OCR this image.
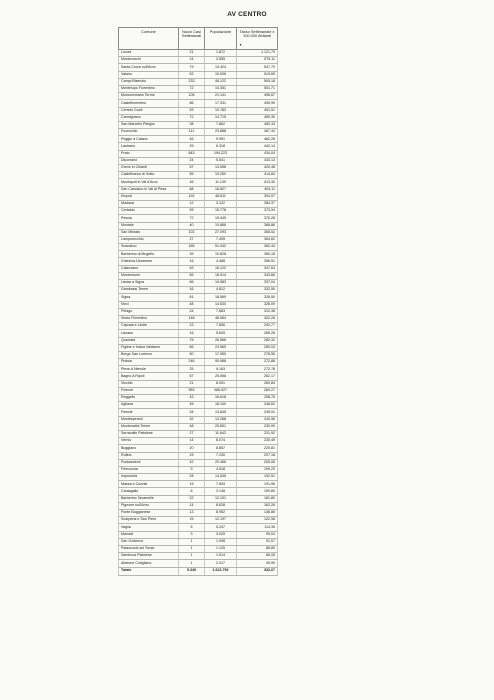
AV CENTRO
Comune	Nuovi Casi Settimanali	Popolazione	Tasso Settimanale x 100.000 Abitanti
▼

Londa	21	1.872	1.121,79
Montevarchi	24	3.555	675,11
Santa Croce sull'Arno	79	14.424	547,70
Vaiano	52	10.006	519,69
Campi Bisenzio	233	46.122	505,18
Montelupo Fiorentino	72	14.351	501,71
Monsummano Terme	105	21.141	496,67
Castelfiorentino	86	17.331	495,99
Cerreto Guidi	53	10.783	491,51
Carmignano	72	14.715	489,30
San Marcello Piteglio	38	7.862	483,33
Fucecchio	111	23.888	467,44
Poggio a Caiano	46	9.951	462,26
Lastrano	29	6.318	442,14
Prato	843	194.223	434,04
Dicomano	24	5.541	433,13
Greve in Chianti	57	13.556	420,48
Castelfranco di Sotto	55	13.250	414,84
Montopoli in Val d'Arno	46	11.130	413,30
San Casciano in Val di Pesa	68	16.827	404,11
Empoli	192	48.611	394,97
Madana	12	3.122	384,37
Certaldo	59	15.778	373,94
Pescia	72	19.445	370,28
Montale	40	10.866	368,86
San Miniato	102	27.093	368,52
Lamporecchio	27	7.405	364,62
Scandicci	185	51.042	362,44
Barberino di Mugello	39	10.828	360,18
Chiesina Uzzanese	16	4.488	356,51
Calenzano	63	18.122	347,64
Montemurlo	65	18.914	343,66
Lastra a Signa	66	19.583	337,04
Gambassi Terme	16	4.812	332,50
Signa	61	18.569	328,50
Vinci	48	14.630	328,09
Pelago	24	7.683	312,38
Sesto Fiorentino	148	48.964	302,26
Capraia e Limite	23	7.856	292,77
Uzzano	16	5.609	285,26
Quarrata	75	26.566	282,32
Figline e Incisa Valdarno	66	23.569	280,03
Borgo San Lorenzo	50	17.950	278,55
Pistoia	246	90.988	272,88
Pieve A Nievole	25	9.163	272,78
Bagno A Ripoli	67	25.556	262,17
Vicchio	21	8.051	260,84
Firenze	953	366.927	260,27
Reggello	43	16.618	258,76
Agliana	45	18.100	248,62
Fiesole	34	13.845	245,01
Montespertoli	32	13.268	240,96
Montecatini Terme	48	20.801	230,99
Serravalle Pistoiese	27	11.642	231,92
Vernio	14	6.074	230,49
Buggiano	20	8.857	225,81
Rufina	15	7.240	207,18
Pontassieve	42	20.466	205,06
Firenzuola	9	4.518	199,20
Impruneta	28	14.545	192,51
Massa e Cozzile	15	7.834	191,96
Cantagallo	6	3.148	190,60
Barberino Tavarnelle	22	12.101	181,80
Pignone sull'Arno	14	8.628	162,26
Ponte Buggianese	13	8.952	146,86
Scarperia e San Piero	15	12.197	122,98
Vaglia	6	5.247	114,35
Marradi	3	3.029	99,04
San Godenzo	1	1.098	91,07
Palazzuolo sul Senio	1	1.125	88,89
Sambuca Pistoiese	1	1.514	66,05
Abetone Cutigliano	1	2.017	49,99
Totale	5.349	1.610.792	332,07
